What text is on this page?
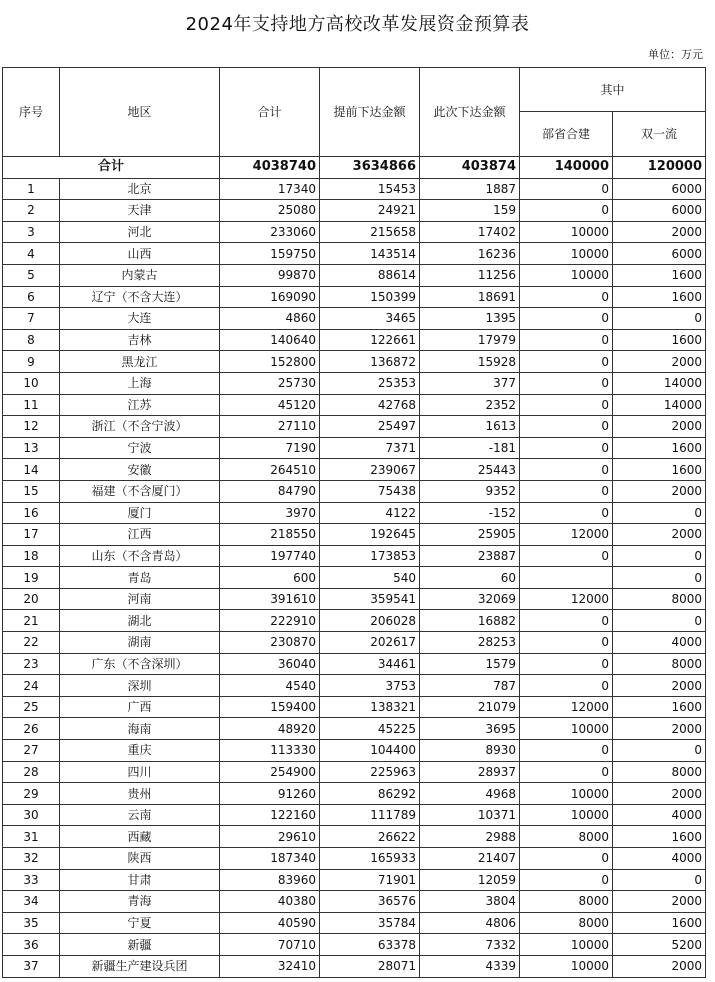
2024年支持地方高校改革发展资金预算表
单位：万元
序号	地区	合计	提前下达金额	此次下达金额	其中	
					部省合建	双一流
合计		4038740	3634866	403874	140000	120000
1	北京	17340	15453	1887	0	6000
2	天津	25080	24921	159	0	6000
3	河北	233060	215658	17402	10000	2000
4	山西	159750	143514	16236	10000	6000
5	内蒙古	99870	88614	11256	10000	1600
6	辽宁（不含大连）	169090	150399	18691	0	1600
7	大连	4860	3465	1395	0	0
8	吉林	140640	122661	17979	0	1600
9	黑龙江	152800	136872	15928	0	2000
10	上海	25730	25353	377	0	14000
11	江苏	45120	42768	2352	0	14000
12	浙江（不含宁波）	27110	25497	1613	0	2000
13	宁波	7190	7371	-181	0	1600
14	安徽	264510	239067	25443	0	1600
15	福建（不含厦门）	84790	75438	9352	0	2000
16	厦门	3970	4122	-152	0	0
17	江西	218550	192645	25905	12000	2000
18	山东（不含青岛）	197740	173853	23887	0	0
19	青岛	600	540	60		0
20	河南	391610	359541	32069	12000	8000
21	湖北	222910	206028	16882	0	0
22	湖南	230870	202617	28253	0	4000
23	广东（不含深圳）	36040	34461	1579	0	8000
24	深圳	4540	3753	787	0	2000
25	广西	159400	138321	21079	12000	1600
26	海南	48920	45225	3695	10000	2000
27	重庆	113330	104400	8930	0	0
28	四川	254900	225963	28937	0	8000
29	贵州	91260	86292	4968	10000	2000
30	云南	122160	111789	10371	10000	4000
31	西藏	29610	26622	2988	8000	1600
32	陕西	187340	165933	21407	0	4000
33	甘肃	83960	71901	12059	0	0
34	青海	40380	36576	3804	8000	2000
35	宁夏	40590	35784	4806	8000	1600
36	新疆	70710	63378	7332	10000	5200
37	新疆生产建设兵团	32410	28071	4339	10000	2000
